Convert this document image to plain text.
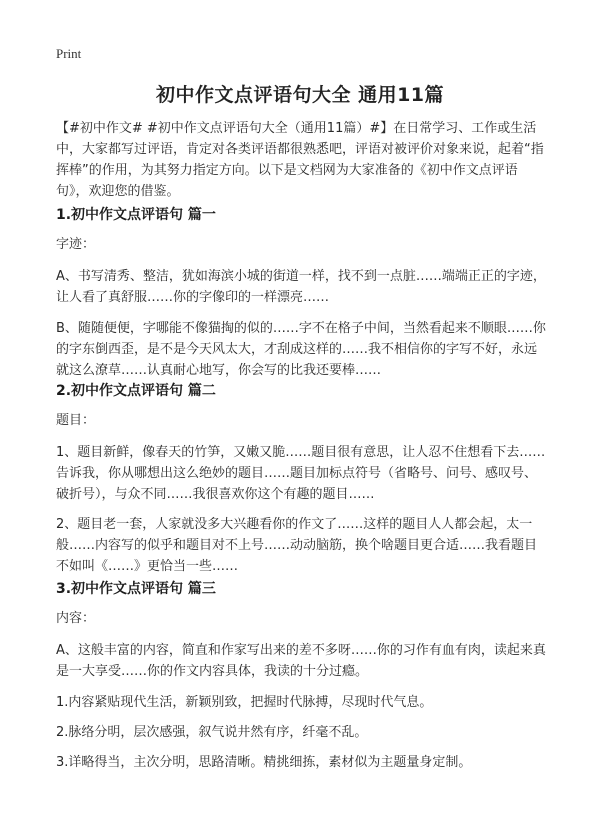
Print
初中作文点评语句大全 通用11篇

【#初中作文# #初中作文点评语句大全（通用11篇）#】在日常学习、工作或生活中，大家都写过评语，肯定对各类评语都很熟悉吧，评语对被评价对象来说，起着“指挥棒”的作用，为其努力指定方向。以下是文档网为大家准备的《初中作文点评语句》，欢迎您的借鉴。

1.初中作文点评语句 篇一

字迹：

A、书写清秀、整洁，犹如海滨小城的街道一样，找不到一点脏……端端正正的字迹，让人看了真舒服……你的字像印的一样漂亮……

B、随随便便，字哪能不像猫掏的似的……字不在格子中间，当然看起来不顺眼……你的字东倒西歪，是不是今天风太大，才刮成这样的……我不相信你的字写不好，永远就这么潦草……认真耐心地写，你会写的比我还要棒……

2.初中作文点评语句 篇二

题目：

1、题目新鲜，像春天的竹笋，又嫩又脆……题目很有意思，让人忍不住想看下去……告诉我，你从哪想出这么绝妙的题目……题目加标点符号（省略号、问号、感叹号、破折号），与众不同……我很喜欢你这个有趣的题目……

2、题目老一套，人家就没多大兴趣看你的作文了……这样的题目人人都会起，太一般……内容写的似乎和题目对不上号……动动脑筋，换个啥题目更合适……我看题目不如叫《……》更恰当一些……

3.初中作文点评语句 篇三

内容：

A、这般丰富的内容，简直和作家写出来的差不多呀……你的习作有血有肉，读起来真是一大享受……你的作文内容具体，我读的十分过瘾。

1.内容紧贴现代生活，新颖别致，把握时代脉搏，尽现时代气息。

2.脉络分明，层次感强，叙气说井然有序，纤毫不乱。

3.详略得当，主次分明，思路清晰。精挑细拣，素材似为主题量身定制。
